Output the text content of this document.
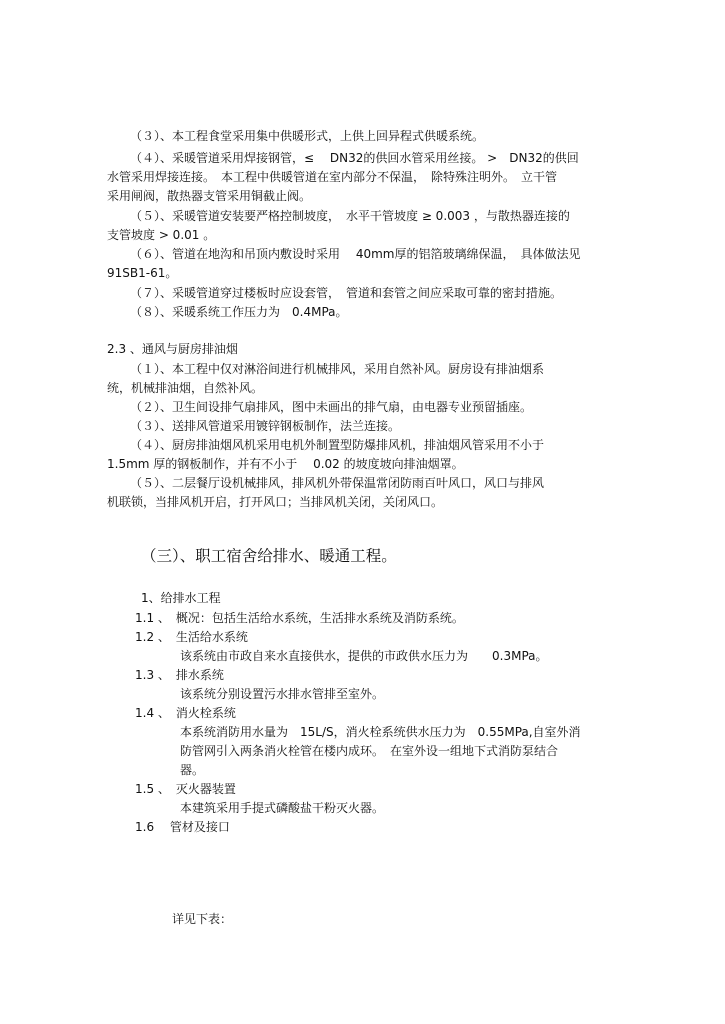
（３）、本工程食堂采用集中供暖形式，上供上回异程式供暖系统。
（４）、采暖管道采用焊接钢管，≤　 DN32的供回水管采用丝接。 >　DN32的供回
水管采用焊接连接。　本工程中供暖管道在室内部分不保温，　除特殊注明外。　立干管
采用闸阀，散热器支管采用铜截止阀。
（５）、采暖管道安装要严格控制坡度，　水平干管坡度 ≥ 0.003 ，与散热器连接的
支管坡度 > 0.01 。
（６）、管道在地沟和吊顶内敷设时采用　 40mm厚的铝箔玻璃绵保温，　具体做法见
91SB1-61。
（７）、采暖管道穿过楼板时应设套管，　管道和套管之间应采取可靠的密封措施。
（８）、采暖系统工作压力为　0.4MPa。
2.3 、通风与厨房排油烟
（１）、本工程中仅对淋浴间进行机械排风，采用自然补风。厨房设有排油烟系
统，机械排油烟，自然补风。
（２）、卫生间设排气扇排风，图中未画出的排气扇，由电器专业预留插座。
（３）、送排风管道采用镀锌钢板制作，法兰连接。
（４）、厨房排油烟风机采用电机外制置型防爆排风机，排油烟风管采用不小于
1.5mm 厚的钢板制作，并有不小于　 0.02 的坡度坡向排油烟罩。
（５）、二层餐厅设机械排风，排风机外带保温常闭防雨百叶风口，风口与排风
机联锁，当排风机开启，打开风口；当排风机关闭，关闭风口。
（三）、职工宿舍给排水、暖通工程。
1、给排水工程
1.1 、　概况：包括生活给水系统，生活排水系统及消防系统。
1.2 、　生活给水系统
该系统由市政自来水直接供水，提供的市政供水压力为　　0.3MPa。
1.3 、　排水系统
该系统分别设置污水排水管排至室外。
1.4 、　消火栓系统
本系统消防用水量为　15L/S，消火栓系统供水压力为　0.55MPa,自室外消
防管网引入两条消火栓管在楼内成环。　在室外设一组地下式消防泵结合
器。
1.5 、　灭火器装置
本建筑采用手提式磷酸盐干粉灭火器。
1.6　 管材及接口
详见下表：
